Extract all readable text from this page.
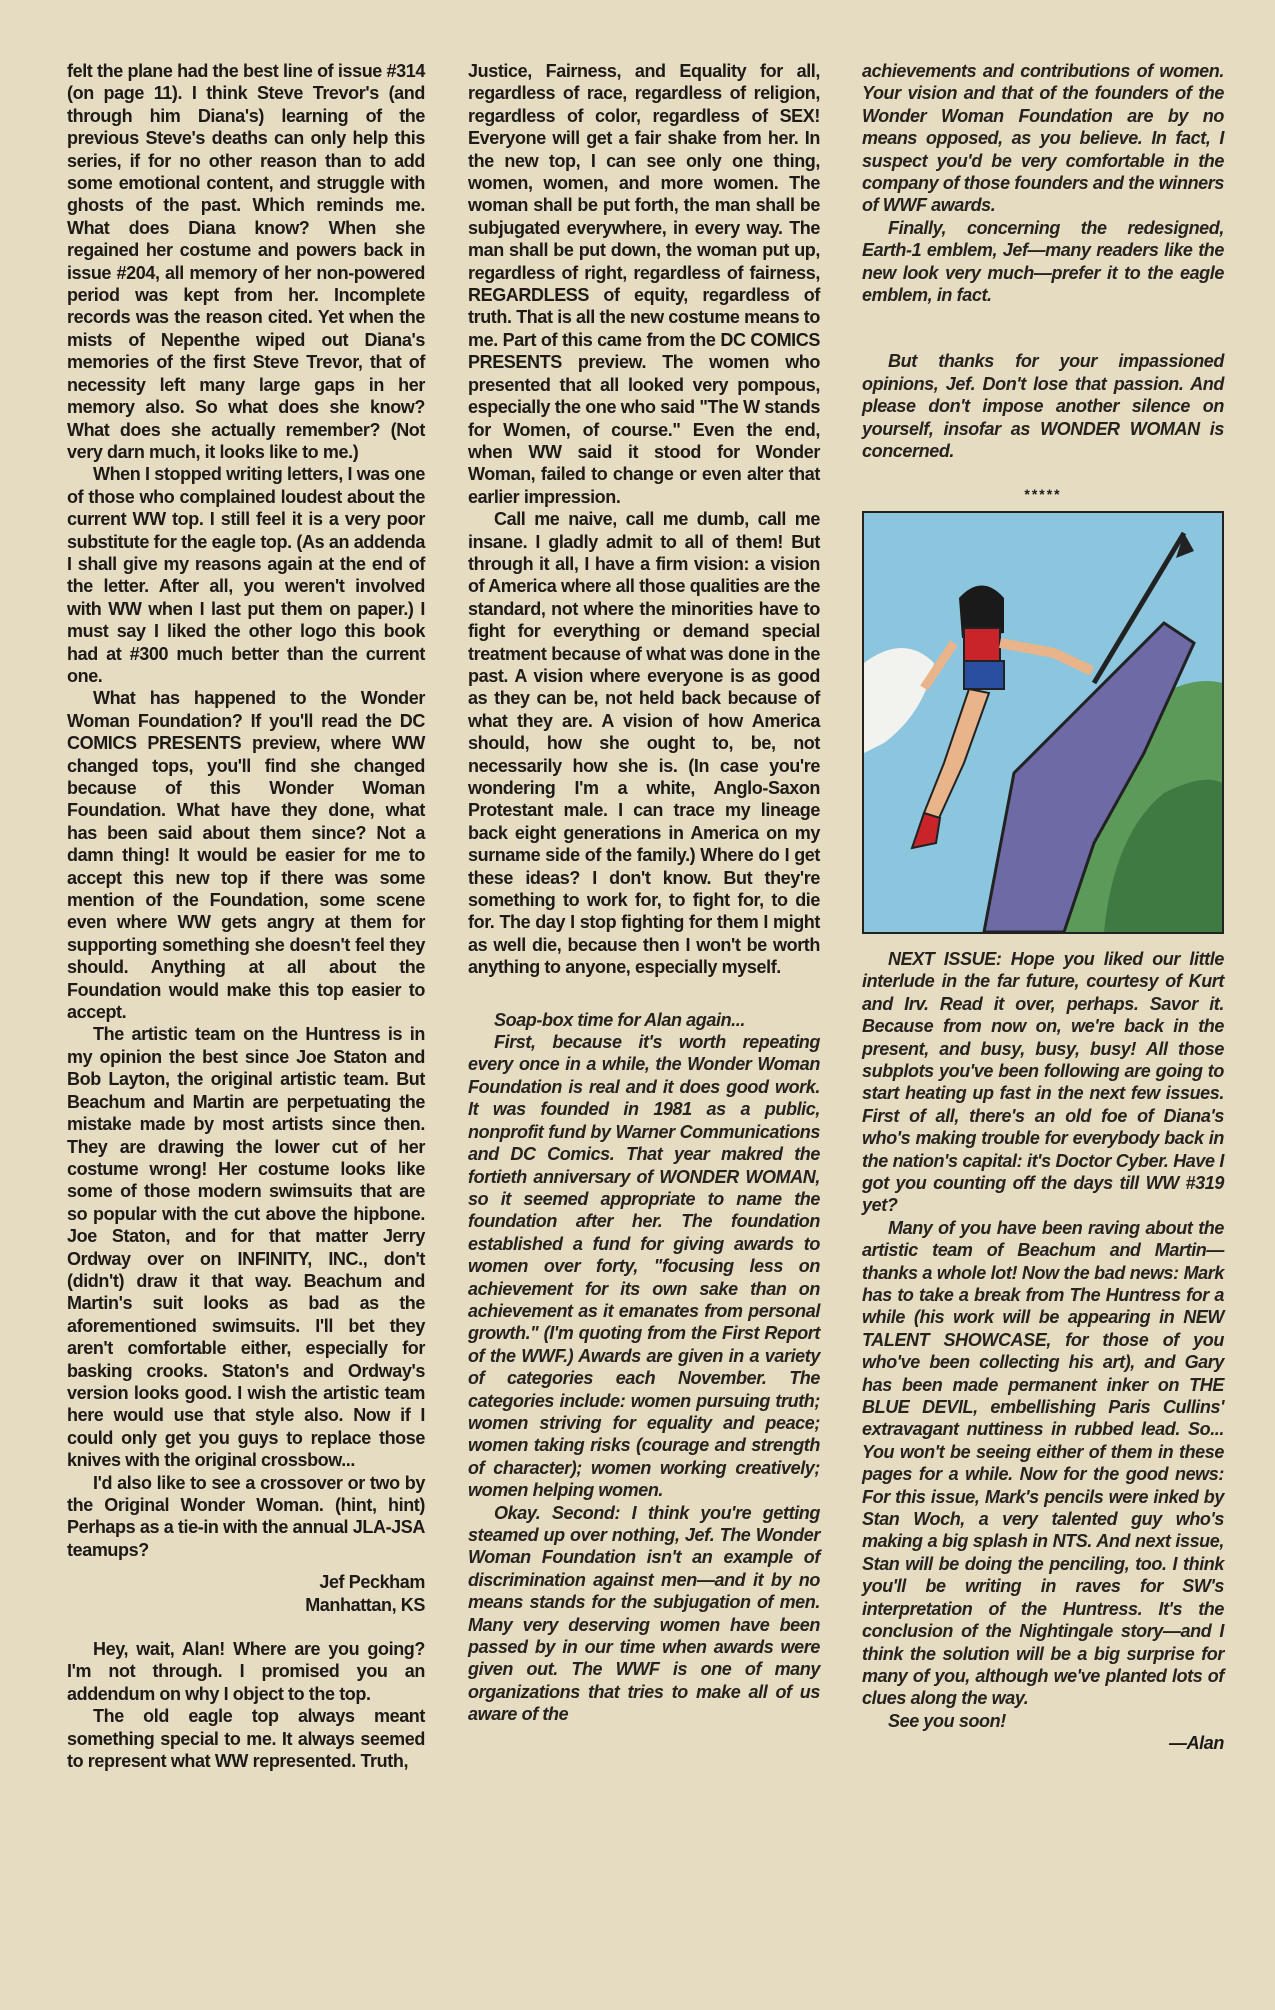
felt the plane had the best line of issue #314 (on page 11). I think Steve Trevor's (and through him Diana's) learning of the previous Steve's deaths can only help this series, if for no other reason than to add some emotional content, and struggle with ghosts of the past. Which reminds me. What does Diana know? When she regained her costume and powers back in issue #204, all memory of her non-powered period was kept from her. Incomplete records was the reason cited. Yet when the mists of Nepenthe wiped out Diana's memories of the first Steve Trevor, that of necessity left many large gaps in her memory also. So what does she know? What does she actually remember? (Not very darn much, it looks like to me.)

When I stopped writing letters, I was one of those who complained loudest about the current WW top. I still feel it is a very poor substitute for the eagle top. (As an addenda I shall give my reasons again at the end of the letter. After all, you weren't involved with WW when I last put them on paper.) I must say I liked the other logo this book had at #300 much better than the current one.

What has happened to the Wonder Woman Foundation? If you'll read the DC COMICS PRESENTS preview, where WW changed tops, you'll find she changed because of this Wonder Woman Foundation. What have they done, what has been said about them since? Not a damn thing! It would be easier for me to accept this new top if there was some mention of the Foundation, some scene even where WW gets angry at them for supporting something she doesn't feel they should. Anything at all about the Foundation would make this top easier to accept.

The artistic team on the Huntress is in my opinion the best since Joe Staton and Bob Layton, the original artistic team. But Beachum and Martin are perpetuating the mistake made by most artists since then. They are drawing the lower cut of her costume wrong! Her costume looks like some of those modern swimsuits that are so popular with the cut above the hipbone. Joe Staton, and for that matter Jerry Ordway over on INFINITY, INC., don't (didn't) draw it that way. Beachum and Martin's suit looks as bad as the aforementioned swimsuits. I'll bet they aren't comfortable either, especially for basking crooks. Staton's and Ordway's version looks good. I wish the artistic team here would use that style also. Now if I could only get you guys to replace those knives with the original crossbow...

I'd also like to see a crossover or two by the Original Wonder Woman. (hint, hint) Perhaps as a tie-in with the annual JLA-JSA teamups?

Jef Peckham
Manhattan, KS

Hey, wait, Alan! Where are you going? I'm not through. I promised you an addendum on why I object to the top.

The old eagle top always meant something special to me. It always seemed to represent what WW represented. Truth,

Justice, Fairness, and Equality for all, regardless of race, regardless of religion, regardless of color, regardless of SEX! Everyone will get a fair shake from her. In the new top, I can see only one thing, women, women, and more women. The woman shall be put forth, the man shall be subjugated everywhere, in every way. The man shall be put down, the woman put up, regardless of right, regardless of fairness, REGARDLESS of equity, regardless of truth. That is all the new costume means to me. Part of this came from the DC COMICS PRESENTS preview. The women who presented that all looked very pompous, especially the one who said "The W stands for Women, of course." Even the end, when WW said it stood for Wonder Woman, failed to change or even alter that earlier impression.

Call me naive, call me dumb, call me insane. I gladly admit to all of them! But through it all, I have a firm vision: a vision of America where all those qualities are the standard, not where the minorities have to fight for everything or demand special treatment because of what was done in the past. A vision where everyone is as good as they can be, not held back because of what they are. A vision of how America should, how she ought to, be, not necessarily how she is. (In case you're wondering I'm a white, Anglo-Saxon Protestant male. I can trace my lineage back eight generations in America on my surname side of the family.) Where do I get these ideas? I don't know. But they're something to work for, to fight for, to die for. The day I stop fighting for them I might as well die, because then I won't be worth anything to anyone, especially myself.

Soap-box time for Alan again...

First, because it's worth repeating every once in a while, the Wonder Woman Foundation is real and it does good work. It was founded in 1981 as a public, nonprofit fund by Warner Communications and DC Comics. That year makred the fortieth anniversary of WONDER WOMAN, so it seemed appropriate to name the foundation after her. The foundation established a fund for giving awards to women over forty, "focusing less on achievement for its own sake than on achievement as it emanates from personal growth." (I'm quoting from the First Report of the WWF.) Awards are given in a variety of categories each November. The categories include: women pursuing truth; women striving for equality and peace; women taking risks (courage and strength of character); women working creatively; women helping women.

Okay. Second: I think you're getting steamed up over nothing, Jef. The Wonder Woman Foundation isn't an example of discrimination against men—and it by no means stands for the subjugation of men. Many very deserving women have been passed by in our time when awards were given out. The WWF is one of many organizations that tries to make all of us aware of the

achievements and contributions of women. Your vision and that of the founders of the Wonder Woman Foundation are by no means opposed, as you believe. In fact, I suspect you'd be very comfortable in the company of those founders and the winners of WWF awards.

Finally, concerning the redesigned, Earth-1 emblem, Jef—many readers like the new look very much—prefer it to the eagle emblem, in fact.

But thanks for your impassioned opinions, Jef. Don't lose that passion. And please don't impose another silence on yourself, insofar as WONDER WOMAN is concerned.

*****

NEXT ISSUE: Hope you liked our little interlude in the far future, courtesy of Kurt and Irv. Read it over, perhaps. Savor it. Because from now on, we're back in the present, and busy, busy, busy! All those subplots you've been following are going to start heating up fast in the next few issues. First of all, there's an old foe of Diana's who's making trouble for everybody back in the nation's capital: it's Doctor Cyber. Have I got you counting off the days till WW #319 yet?

Many of you have been raving about the artistic team of Beachum and Martin—thanks a whole lot! Now the bad news: Mark has to take a break from The Huntress for a while (his work will be appearing in NEW TALENT SHOWCASE, for those of you who've been collecting his art), and Gary has been made permanent inker on THE BLUE DEVIL, embellishing Paris Cullins' extravagant nuttiness in rubbed lead. So... You won't be seeing either of them in these pages for a while. Now for the good news: For this issue, Mark's pencils were inked by Stan Woch, a very talented guy who's making a big splash in NTS. And next issue, Stan will be doing the penciling, too. I think you'll be writing in raves for SW's interpretation of the Huntress. It's the conclusion of the Nightingale story—and I think the solution will be a big surprise for many of you, although we've planted lots of clues along the way.

See you soon!

—Alan
